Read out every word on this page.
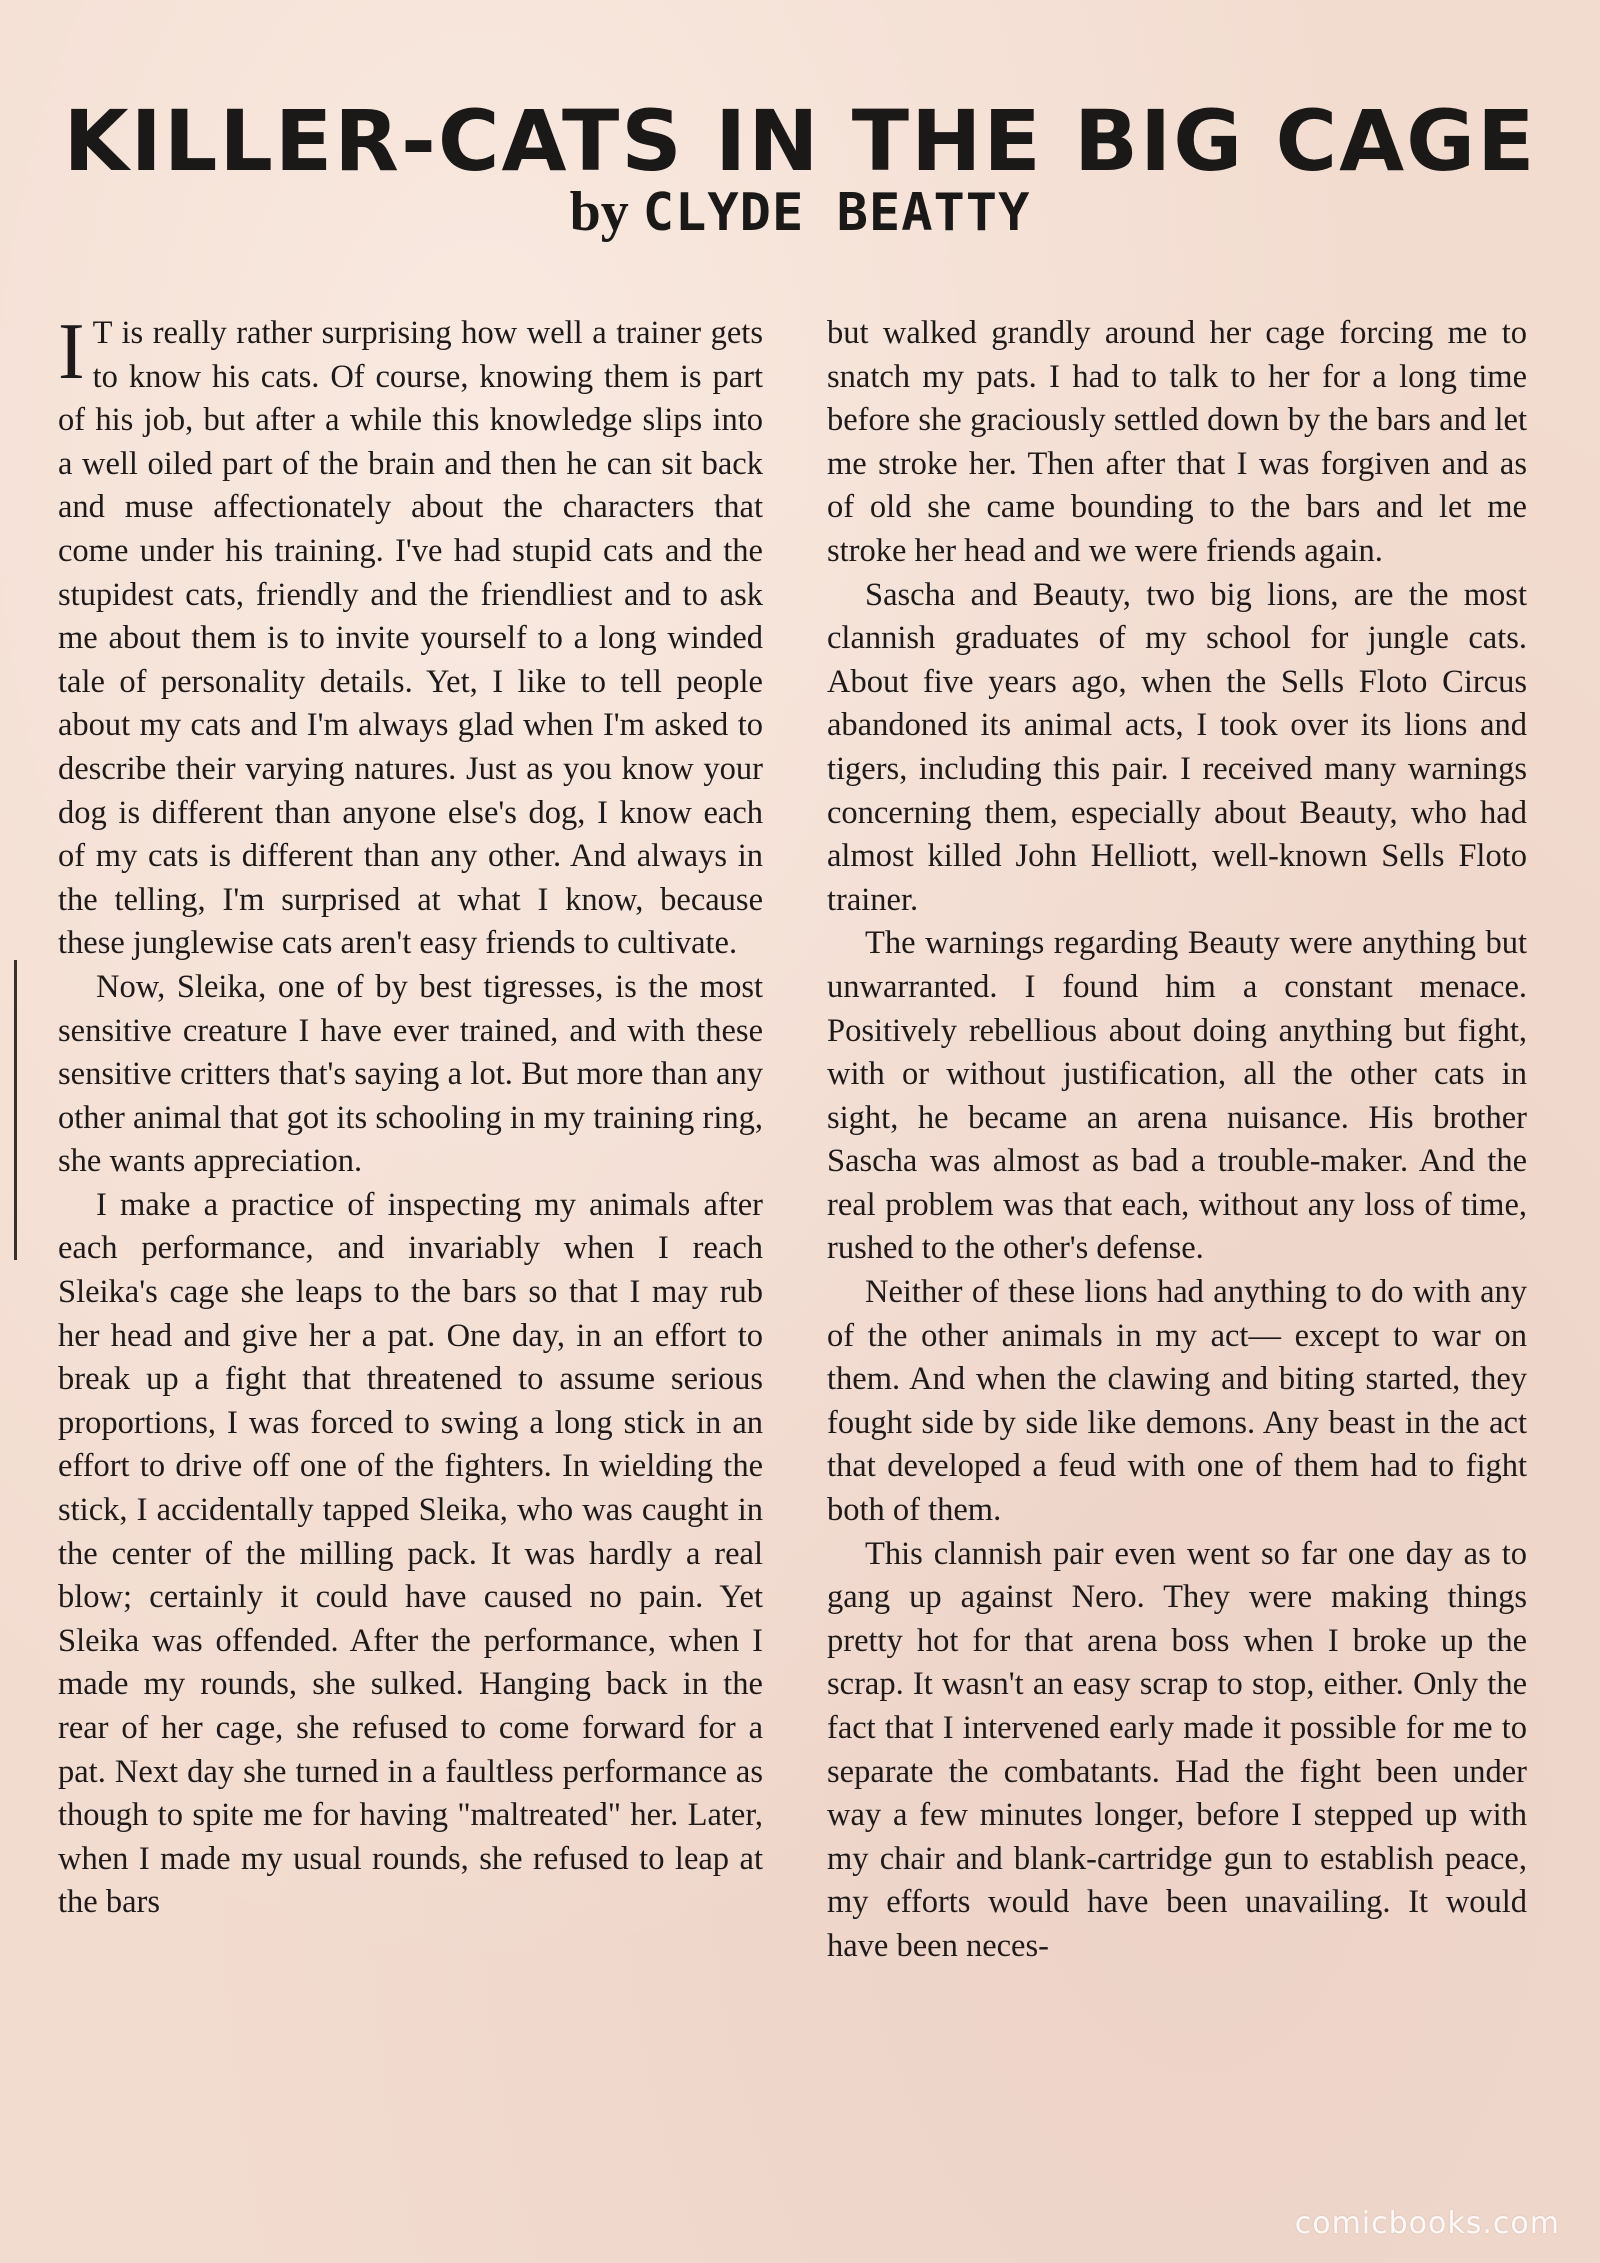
KILLER-CATS IN THE BIG CAGE
by CLYDE BEATTY

I T is really rather surprising how well a trainer gets to know his cats. Of course, knowing them is part of his job, but after a while this knowledge slips into a well oiled part of the brain and then he can sit back and muse affectionately about the characters that come under his training. I've had stupid cats and the stupidest cats, friendly and the friendliest and to ask me about them is to invite yourself to a long winded tale of personality details. Yet, I like to tell people about my cats and I'm always glad when I'm asked to describe their varying natures. Just as you know your dog is different than anyone else's dog, I know each of my cats is different than any other. And always in the telling, I'm surprised at what I know, because these junglewise cats aren't easy friends to cultivate.

Now, Sleika, one of by best tigresses, is the most sensitive creature I have ever trained, and with these sensitive critters that's saying a lot. But more than any other animal that got its schooling in my training ring, she wants appreciation.

I make a practice of inspecting my animals after each performance, and invariably when I reach Sleika's cage she leaps to the bars so that I may rub her head and give her a pat. One day, in an effort to break up a fight that threatened to assume serious proportions, I was forced to swing a long stick in an effort to drive off one of the fighters. In wielding the stick, I accidentally tapped Sleika, who was caught in the center of the milling pack. It was hardly a real blow; certainly it could have caused no pain. Yet Sleika was offended. After the performance, when I made my rounds, she sulked. Hanging back in the rear of her cage, she refused to come forward for a pat. Next day she turned in a faultless performance as though to spite me for having "maltreated" her. Later, when I made my usual rounds, she refused to leap at the bars

but walked grandly around her cage forcing me to snatch my pats. I had to talk to her for a long time before she graciously settled down by the bars and let me stroke her. Then after that I was forgiven and as of old she came bounding to the bars and let me stroke her head and we were friends again.

Sascha and Beauty, two big lions, are the most clannish graduates of my school for jungle cats. About five years ago, when the Sells Floto Circus abandoned its animal acts, I took over its lions and tigers, including this pair. I received many warnings concerning them, especially about Beauty, who had almost killed John Helliott, well-known Sells Floto trainer.

The warnings regarding Beauty were anything but unwarranted. I found him a constant menace. Positively rebellious about doing anything but fight, with or without justification, all the other cats in sight, he became an arena nuisance. His brother Sascha was almost as bad a trouble-maker. And the real problem was that each, without any loss of time, rushed to the other's defense.

Neither of these lions had anything to do with any of the other animals in my act— except to war on them. And when the clawing and biting started, they fought side by side like demons. Any beast in the act that developed a feud with one of them had to fight both of them.

This clannish pair even went so far one day as to gang up against Nero. They were making things pretty hot for that arena boss when I broke up the scrap. It wasn't an easy scrap to stop, either. Only the fact that I intervened early made it possible for me to separate the combatants. Had the fight been under way a few minutes longer, before I stepped up with my chair and blank-cartridge gun to establish peace, my efforts would have been unavailing. It would have been neces-

comicbooks.com
